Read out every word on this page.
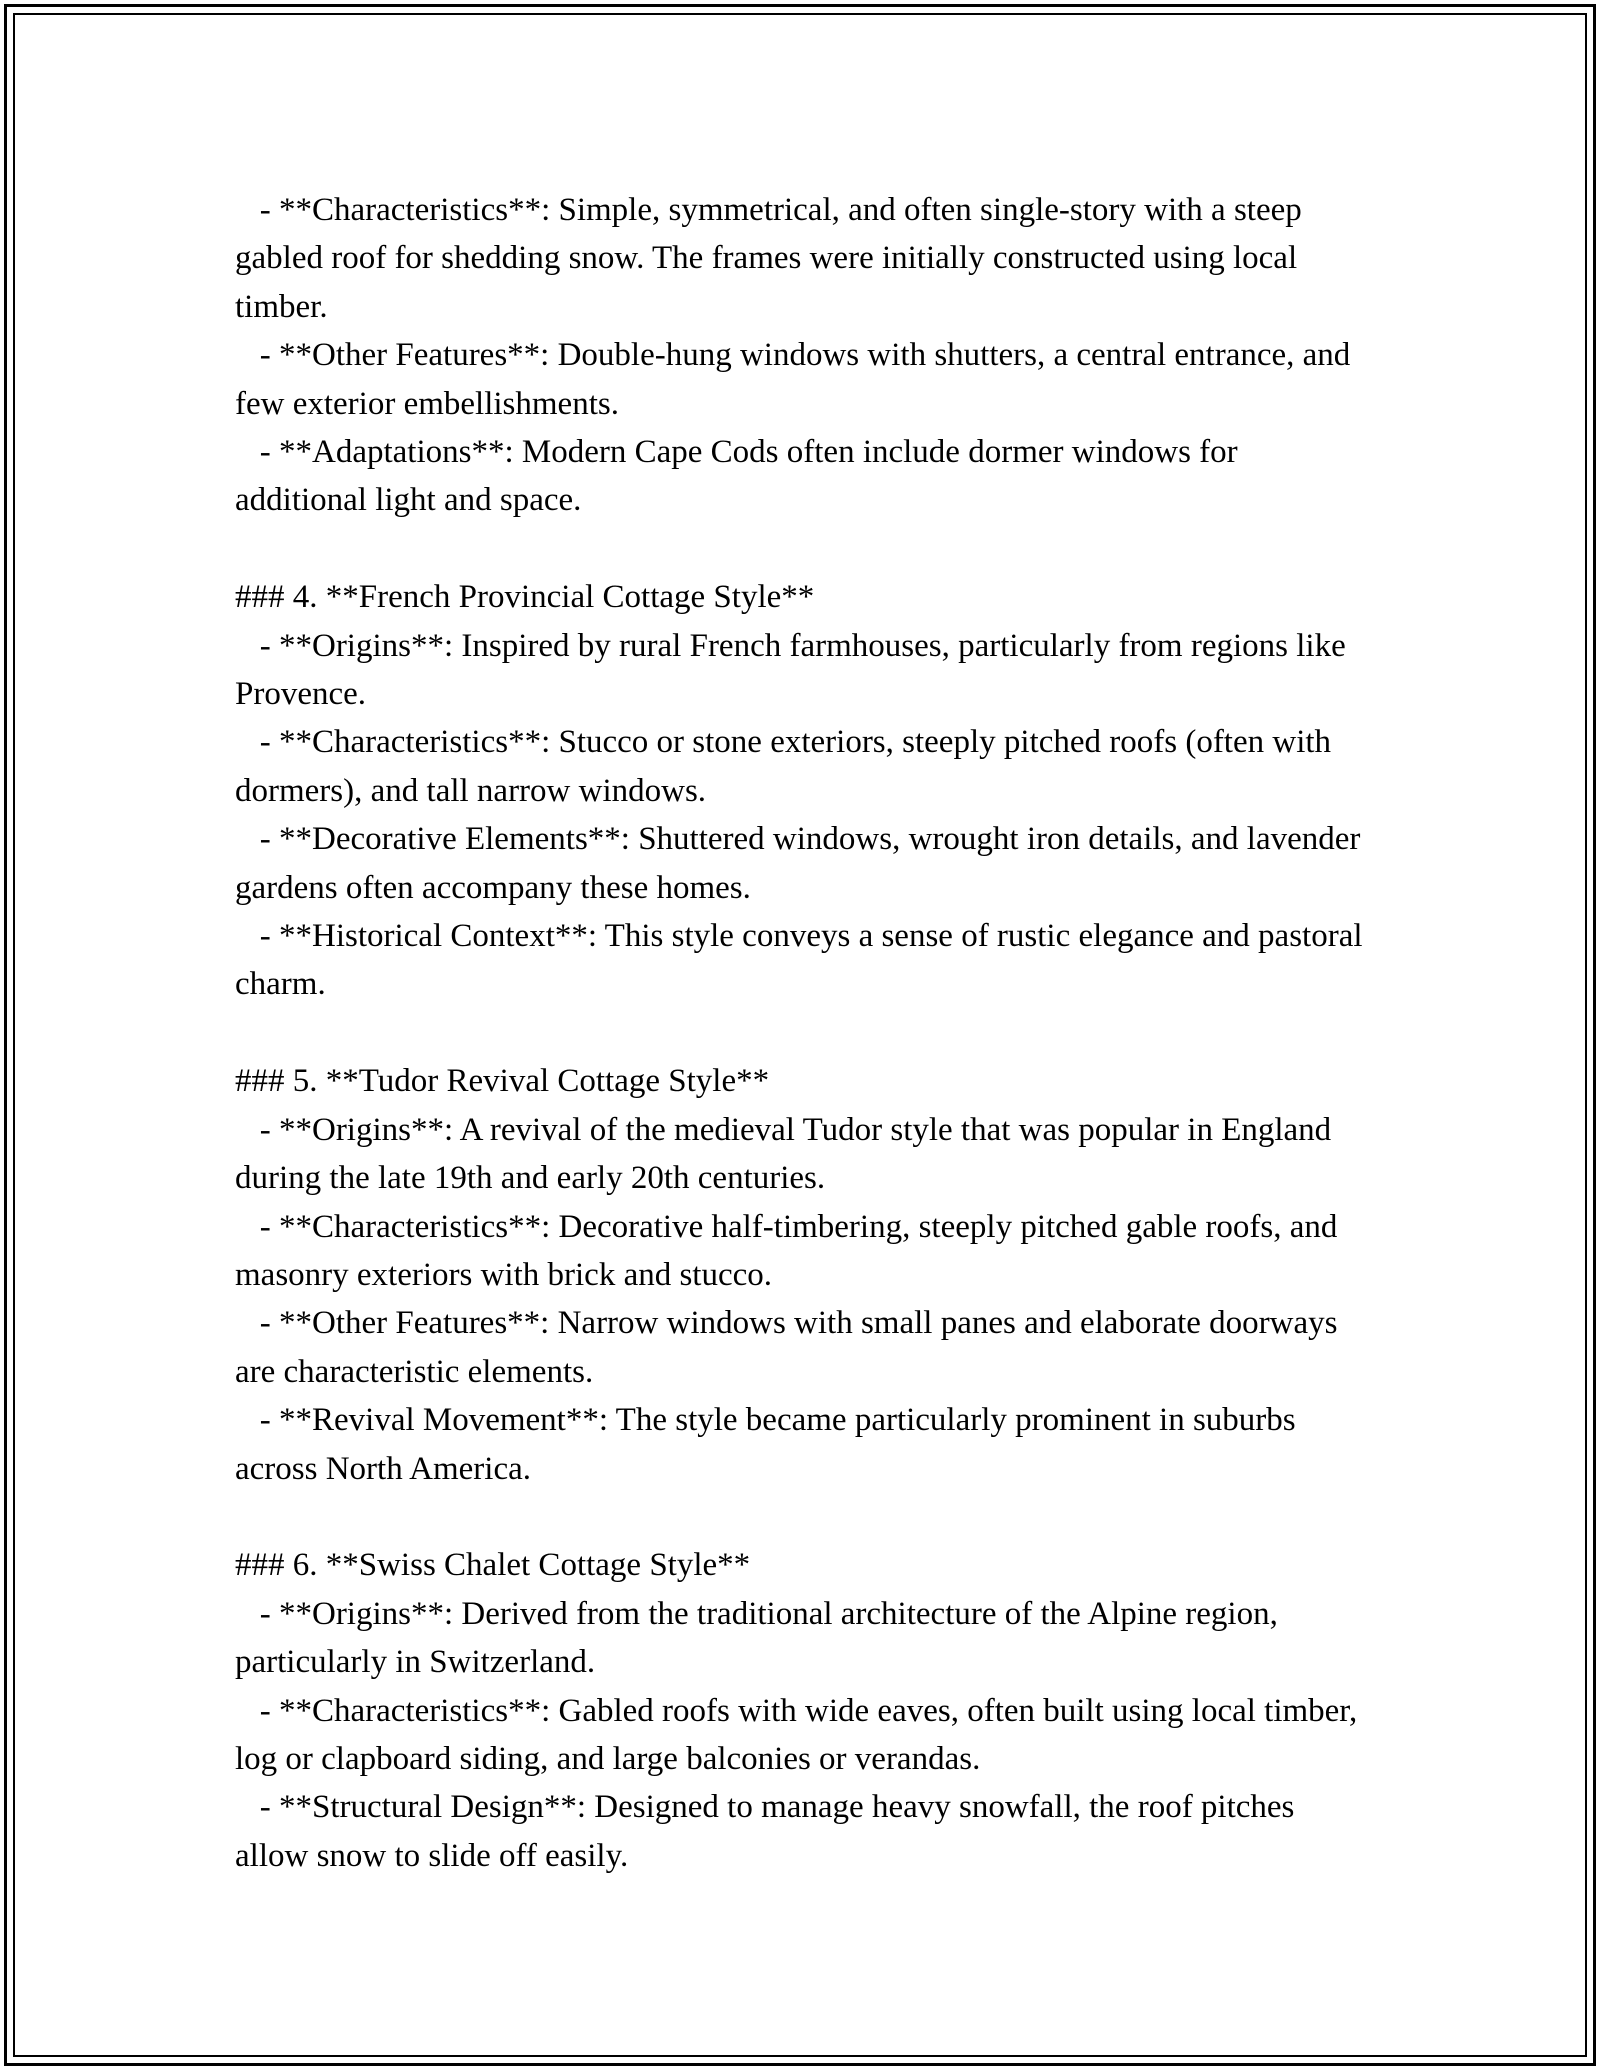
- **Characteristics**: Simple, symmetrical, and often single-story with a steep gabled roof for shedding snow. The frames were initially constructed using local timber.

- **Other Features**: Double-hung windows with shutters, a central entrance, and few exterior embellishments.

- **Adaptations**: Modern Cape Cods often include dormer windows for additional light and space.

### 4. **French Provincial Cottage Style**

- **Origins**: Inspired by rural French farmhouses, particularly from regions like Provence.

- **Characteristics**: Stucco or stone exteriors, steeply pitched roofs (often with dormers), and tall narrow windows.

- **Decorative Elements**: Shuttered windows, wrought iron details, and lavender gardens often accompany these homes.

- **Historical Context**: This style conveys a sense of rustic elegance and pastoral charm.

### 5. **Tudor Revival Cottage Style**

- **Origins**: A revival of the medieval Tudor style that was popular in England during the late 19th and early 20th centuries.

- **Characteristics**: Decorative half-timbering, steeply pitched gable roofs, and masonry exteriors with brick and stucco.

- **Other Features**: Narrow windows with small panes and elaborate doorways are characteristic elements.

- **Revival Movement**: The style became particularly prominent in suburbs across North America.

### 6. **Swiss Chalet Cottage Style**

- **Origins**: Derived from the traditional architecture of the Alpine region, particularly in Switzerland.

- **Characteristics**: Gabled roofs with wide eaves, often built using local timber, log or clapboard siding, and large balconies or verandas.

- **Structural Design**: Designed to manage heavy snowfall, the roof pitches allow snow to slide off easily.
